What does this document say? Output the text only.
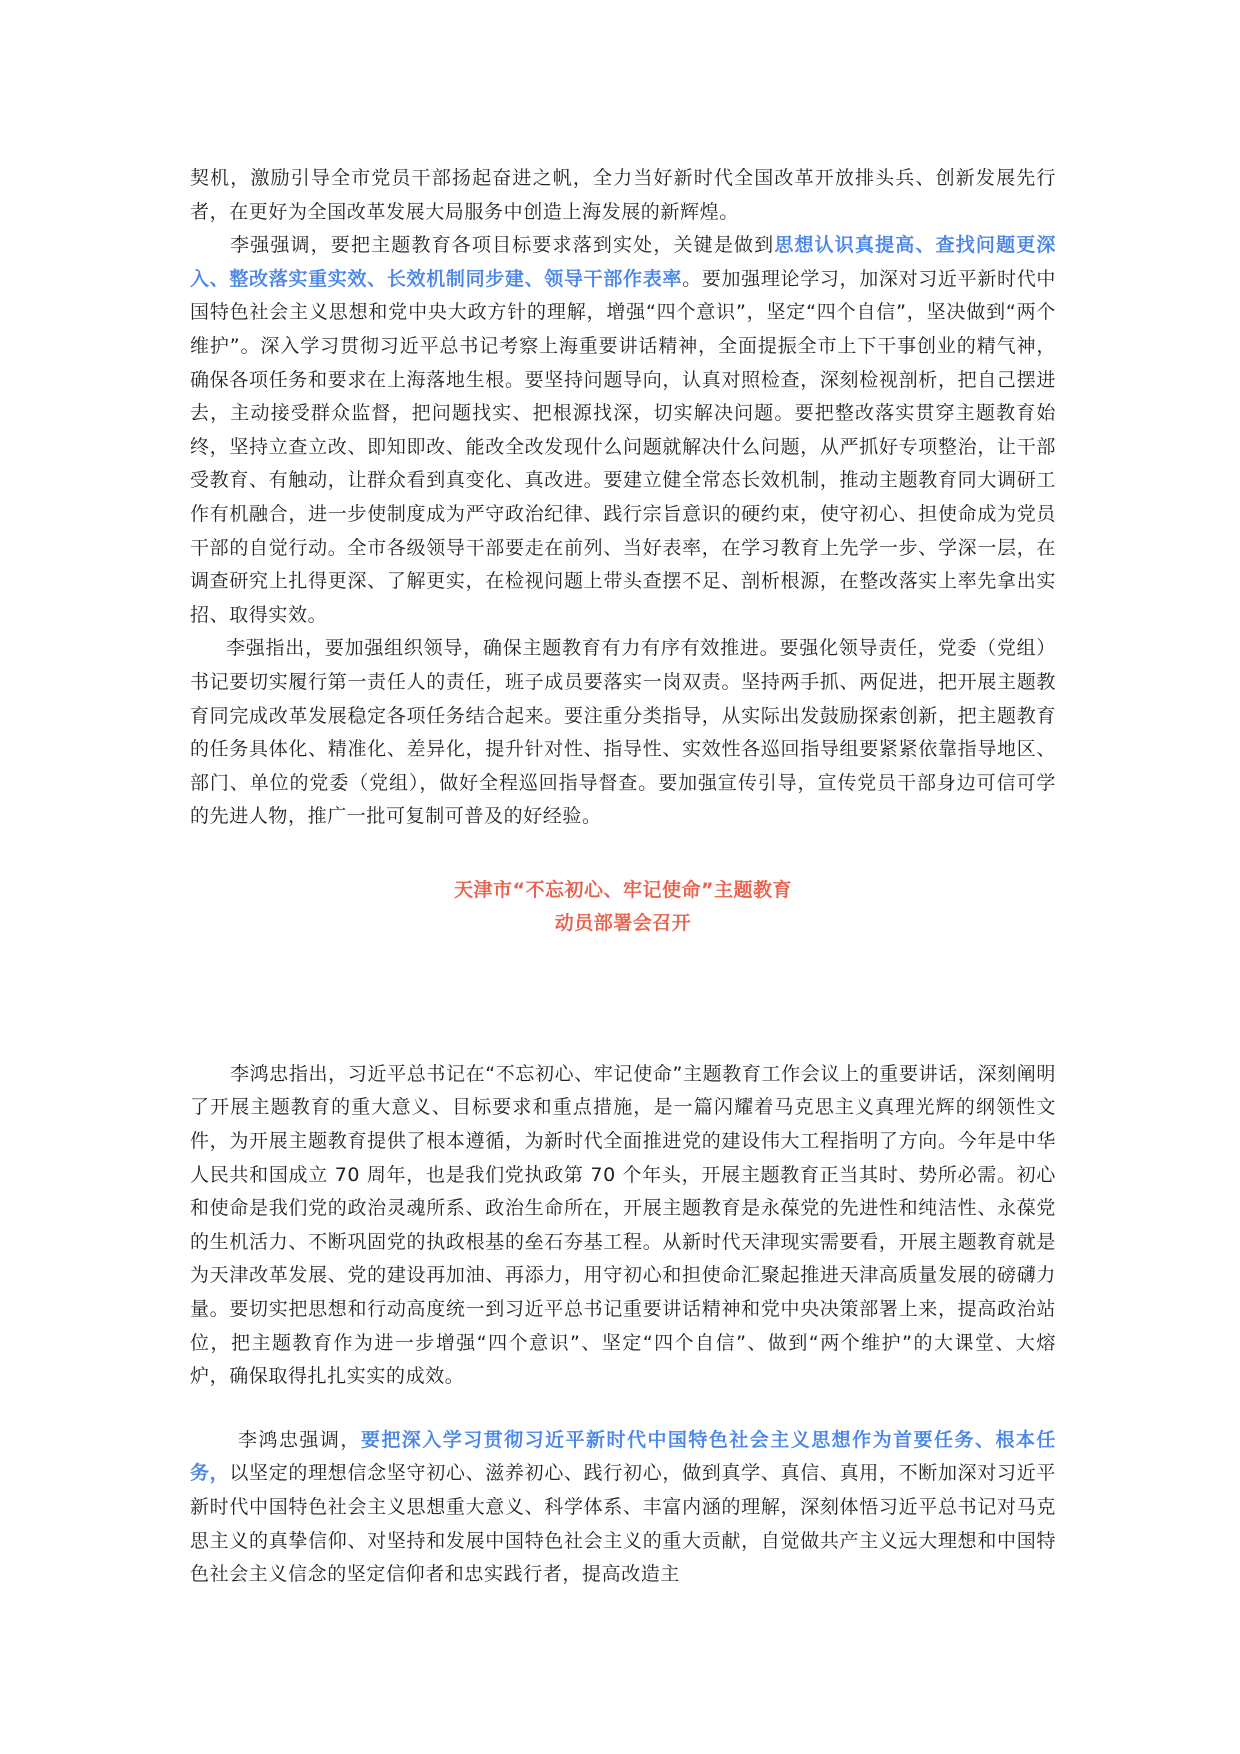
契机，激励引导全市党员干部扬起奋进之帆，全力当好新时代全国改革开放排头兵、创新发展先行者，在更好为全国改革发展大局服务中创造上海发展的新辉煌。

李强强调，要把主题教育各项目标要求落到实处，关键是做到思想认识真提高、查找问题更深入、整改落实重实效、长效机制同步建、领导干部作表率。要加强理论学习，加深对习近平新时代中国特色社会主义思想和党中央大政方针的理解，增强“四个意识”，坚定“四个自信”，坚决做到“两个维护”。深入学习贯彻习近平总书记考察上海重要讲话精神，全面提振全市上下干事创业的精气神，确保各项任务和要求在上海落地生根。要坚持问题导向，认真对照检查，深刻检视剖析，把自己摆进去，主动接受群众监督，把问题找实、把根源找深，切实解决问题。要把整改落实贯穿主题教育始终，坚持立查立改、即知即改、能改全改发现什么问题就解决什么问题，从严抓好专项整治，让干部受教育、有触动，让群众看到真变化、真改进。要建立健全常态长效机制，推动主题教育同大调研工作有机融合，进一步使制度成为严守政治纪律、践行宗旨意识的硬约束，使守初心、担使命成为党员干部的自觉行动。全市各级领导干部要走在前列、当好表率，在学习教育上先学一步、学深一层，在调查研究上扎得更深、了解更实，在检视问题上带头查摆不足、剖析根源，在整改落实上率先拿出实招、取得实效。

李强指出，要加强组织领导，确保主题教育有力有序有效推进。要强化领导责任，党委（党组）书记要切实履行第一责任人的责任，班子成员要落实一岗双责。坚持两手抓、两促进，把开展主题教育同完成改革发展稳定各项任务结合起来。要注重分类指导，从实际出发鼓励探索创新，把主题教育的任务具体化、精准化、差异化，提升针对性、指导性、实效性各巡回指导组要紧紧依靠指导地区、部门、单位的党委（党组），做好全程巡回指导督查。要加强宣传引导，宣传党员干部身边可信可学的先进人物，推广一批可复制可普及的好经验。

天津市“不忘初心、牢记使命”主题教育
动员部署会召开

李鸿忠指出，习近平总书记在“不忘初心、牢记使命”主题教育工作会议上的重要讲话，深刻阐明了开展主题教育的重大意义、目标要求和重点措施，是一篇闪耀着马克思主义真理光辉的纲领性文件，为开展主题教育提供了根本遵循，为新时代全面推进党的建设伟大工程指明了方向。今年是中华人民共和国成立 70 周年，也是我们党执政第 70 个年头，开展主题教育正当其时、势所必需。初心和使命是我们党的政治灵魂所系、政治生命所在，开展主题教育是永葆党的先进性和纯洁性、永葆党的生机活力、不断巩固党的执政根基的垒石夯基工程。从新时代天津现实需要看，开展主题教育就是为天津改革发展、党的建设再加油、再添力，用守初心和担使命汇聚起推进天津高质量发展的磅礴力量。要切实把思想和行动高度统一到习近平总书记重要讲话精神和党中央决策部署上来，提高政治站位，把主题教育作为进一步增强“四个意识”、坚定“四个自信”、做到“两个维护”的大课堂、大熔炉，确保取得扎扎实实的成效。

李鸿忠强调，要把深入学习贯彻习近平新时代中国特色社会主义思想作为首要任务、根本任务，以坚定的理想信念坚守初心、滋养初心、践行初心，做到真学、真信、真用，不断加深对习近平新时代中国特色社会主义思想重大意义、科学体系、丰富内涵的理解，深刻体悟习近平总书记对马克思主义的真挚信仰、对坚持和发展中国特色社会主义的重大贡献，自觉做共产主义远大理想和中国特色社会主义信念的坚定信仰者和忠实践行者，提高改造主
